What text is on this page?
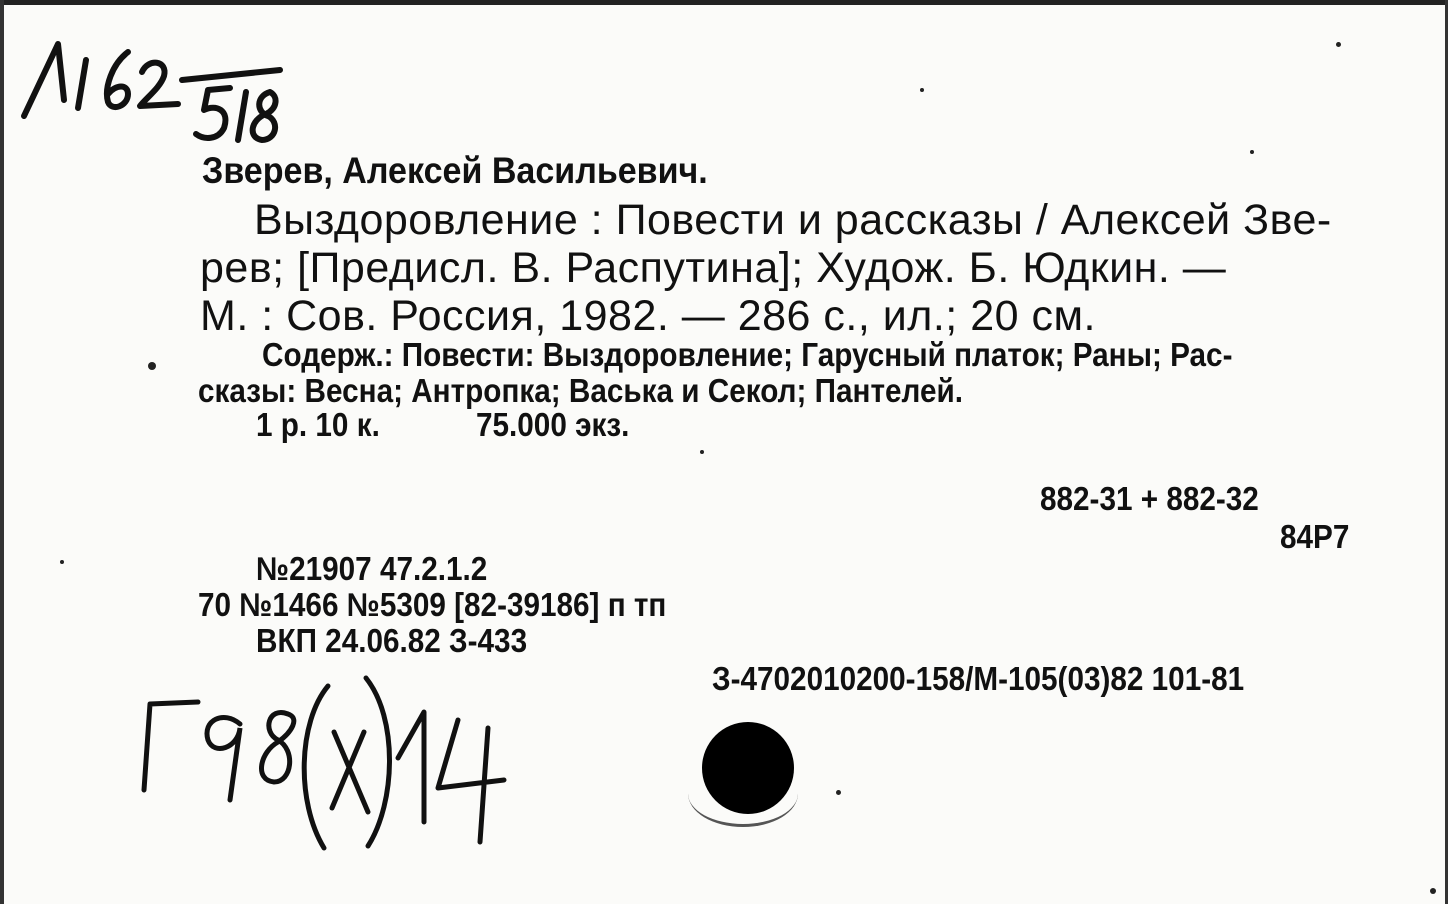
Зверев, Алексей Васильевич.
Выздоровление : Повести и рассказы / Алексей Зве-
рев; [Предисл. В. Распутина]; Худож. Б. Юдкин. —
М. : Сов. Россия, 1982. — 286 с., ил.; 20 см.
Содерж.: Повести: Выздоровление; Гарусный платок; Раны; Рас-
сказы: Весна; Антропка; Васька и Секол; Пантелей.
1 р. 10 к.	75.000 экз.
882-31 + 882-32
84Р7
№21907 47.2.1.2
70 №1466 №5309 [82-39186] п тп
ВКП 24.06.82 З-433
З-4702010200-158/М-105(03)82 101-81
